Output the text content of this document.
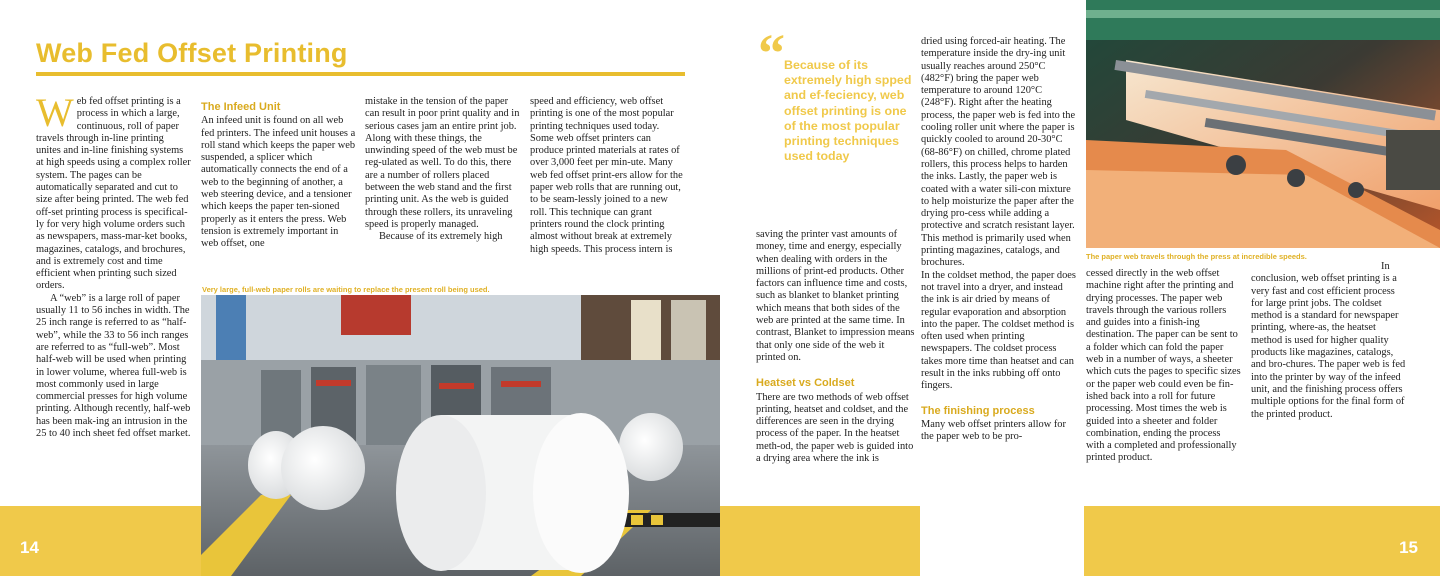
14
Web Fed Offset Printing

Web fed offset printing is a process in which a large, continuous, roll of paper travels through in-line printing unites and in-line finishing systems at high speeds using a complex roller system. The pages can be automatically separated and cut to size after being printed. The web fed off-set printing process is specifical-ly for very high volume orders such as newspapers, mass-mar-ket books, magazines, catalogs, and brochures, and is extremely cost and time efficient when printing such sized orders.

A “web” is a large roll of paper usually 11 to 56 inches in width. The 25 inch range is referred to as “half-web”, while the 33 to 56 inch ranges are referred to as “full-web”. Most half-web will be used when printing in lower volume, wherea full-web is most commonly used in large commercial presses for high volume printing. Although recently, half-web has been mak-ing an intrusion in the 25 to 40 inch sheet fed offset market.

The Infeed Unit

An infeed unit is found on all web fed printers. The infeed unit houses a roll stand which keeps the paper web suspended, a splicer which automatically connects the end of a web to the beginning of another, a web steering device, and a tensioner which keeps the paper ten-sioned properly as it enters the press. Web tension is extremely important in web offset, one

mistake in the tension of the paper can result in poor print quality and in serious cases jam an entire print job. Along with these things, the unwinding speed of the web must be reg-ulated as well. To do this, there are a number of rollers placed between the web stand and the first printing unit. As the web is guided through these rollers, its unraveling speed is properly managed.

Because of its extremely high

speed and efficiency, web offset printing is one of the most popular printing techniques used today. Some web offset printers can produce printed materials at rates of over 3,000 feet per min-ute. Many web fed offset print-ers allow for the paper web rolls that are running out, to be seam-lessly joined to a new roll. This technique can grant printers round the clock printing almost without break at extremely high speeds. This process intern is

Very large, full-web paper rolls are waiting to replace the present roll being used.
15
“ Because of its extremely high spped and ef-feciency, web offset printing is one of the most popular printing techniques used today

saving the printer vast amounts of money, time and energy, especially when dealing with orders in the millions of print-ed products. Other factors can influence time and costs, such as blanket to blanket printing which means that both sides of the web are printed at the same time. In contrast, Blanket to impression means that only one side of the web it printed on.

Heatset vs Coldset

There are two methods of web offset printing, heatset and coldset, and the differences are seen in the drying process of the paper. In the heatset meth-od, the paper web is guided into a drying area where the ink is

dried using forced-air heating. The temperature inside the dry-ing unit usually reaches around 250°C (482°F) bring the paper web temperature to around 120°C (248°F). Right after the heating process, the paper web is fed into the cooling roller unit where the paper is quickly cooled to around 20-30°C (68-86°F) on chilled, chrome plated rollers, this process helps to harden the inks. Lastly, the paper web is coated with a water sili-con mixture to help moisturize the paper after the drying pro-cess while adding a protective and scratch resistant layer. This method is primarily used when printing magazines, catalogs, and brochures.

In the coldset method, the paper does not travel into a dryer, and instead the ink is air dried by means of regular evaporation and absorption into the paper. The coldset method is often used when printing newspapers. The coldset process takes more time than heatset and can result in the inks rubbing off onto fingers.

The finishing process

Many web offset printers allow for the paper web to be pro-

The paper web travels through the press at incredible speeds.

cessed directly in the web offset machine right after the printing and drying processes. The paper web travels through the various rollers and guides into a finish-ing destination. The paper can be sent to a folder which can fold the paper web in a number of ways, a sheeter which cuts the pages to specific sizes or the paper web could even be fin-ished back into a roll for future processing. Most times the web is guided into a sheeter and folder combination, ending the process with a completed and professionally printed product.

In conclusion, web offset printing is a very fast and cost efficient process for large print jobs. The coldset method is a standard for newspaper printing, where-as, the heatset method is used for higher quality products like magazines, catalogs, and bro-chures. The paper web is fed into the printer by way of the infeed unit, and the finishing process offers multiple options for the final form of the printed product.
